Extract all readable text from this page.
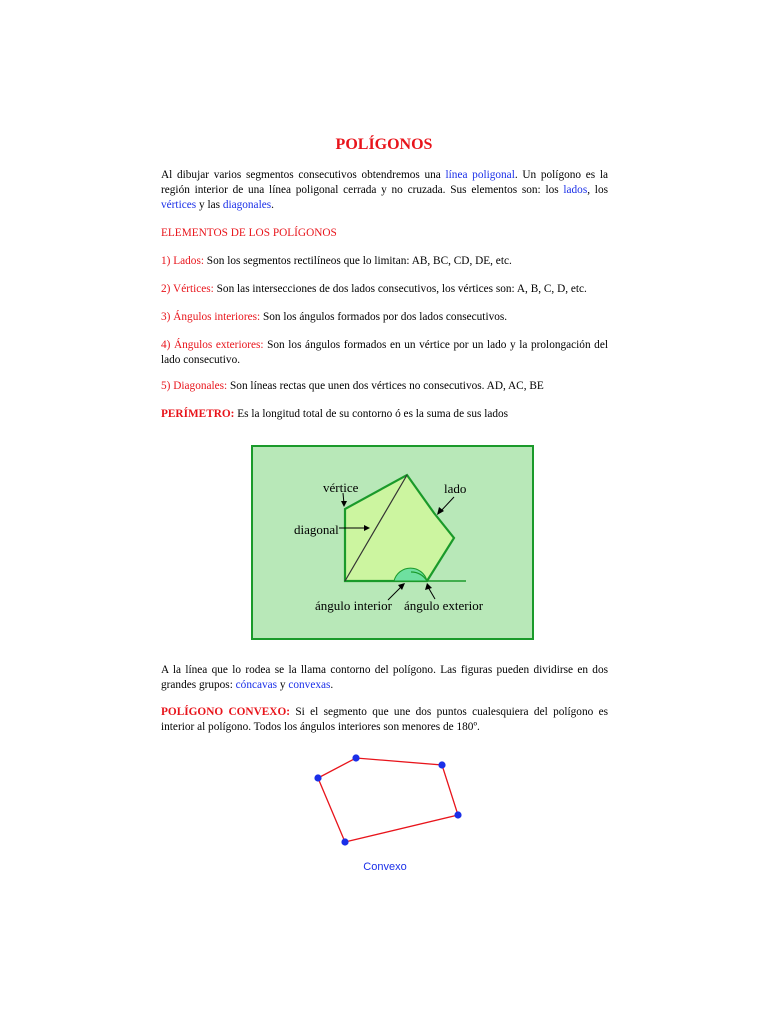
POLÍGONOS
Al dibujar varios segmentos consecutivos obtendremos una línea poligonal. Un polígono es la región interior de una línea poligonal cerrada y no cruzada. Sus elementos son: los lados, los vértices y las diagonales.
ELEMENTOS DE LOS POLÍGONOS
1) Lados: Son los segmentos rectilíneos que lo limitan: AB, BC, CD, DE, etc.
2) Vértices: Son las intersecciones de dos lados consecutivos, los vértices son: A, B, C, D, etc.
3) Ángulos interiores: Son los ángulos formados por dos lados consecutivos.
4) Ángulos exteriores: Son los ángulos formados en un vértice por un lado y la prolongación del lado consecutivo.
5) Diagonales: Son líneas rectas que unen dos vértices no consecutivos. AD, AC, BE
PERÍMETRO: Es la longitud total de su contorno ó es la suma de sus lados
vértice	lado
diagonal
ángulo interior ángulo exterior
A la línea que lo rodea se la llama contorno del polígono. Las figuras pueden dividirse en dos grandes grupos: cóncavas y convexas.
POLÍGONO CONVEXO: Si el segmento que une dos puntos cualesquiera del polígono es interior al polígono. Todos los ángulos interiores son menores de 180º.
Convexo
